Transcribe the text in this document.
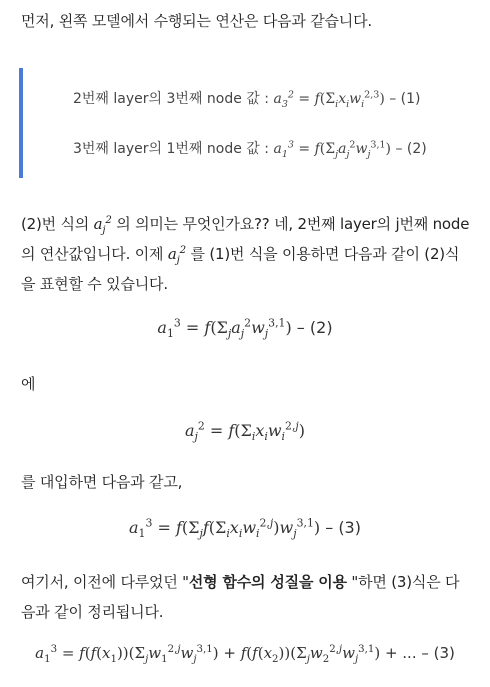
먼저, 왼쪽 모델에서 수행되는 연산은 다음과 같습니다.
2번째 layer의 3번째 node 값 : $a_3^2 = f(\Sigma_ix_iw_i^{2,3}) - (1)$
3번째 layer의 1번째 node 값 : $a_1^3 = f(\Sigma_ja_j^2w_j^{3,1}) - (2)$
(2)번 식의 $a_j^2$ 의 의미는 무엇인가요?? 네, 2번째 layer의 j번째 node의 연산값입니다. 이제 $a_j^2$ 를 (1)번 식을 이용하면 다음과 같이 (2)식을 표현할 수 있습니다.
$a_1^3 = f(\Sigma_ja_j^2w_j^{3,1}) - (2)$
에
$a_j^2 = f(\Sigma_ix_iw_i^{2,j})$
를 대입하면 다음과 같고,
$a_1^3 = f(\Sigma_jf(\Sigma_ix_iw_i^{2,j})w_j^{3,1}) - (3)$
여기서, 이전에 다루었던 "선형 함수의 성질을 이용 "하면 (3)식은 다음과 같이 정리됩니다.
$a_1^3 = f(f(x_1))(\Sigma_jw_1^{2,j}w_j^{3,1}) + f(f(x_2))(\Sigma_jw_2^{2,j}w_j^{3,1})$ + ... – (3)
